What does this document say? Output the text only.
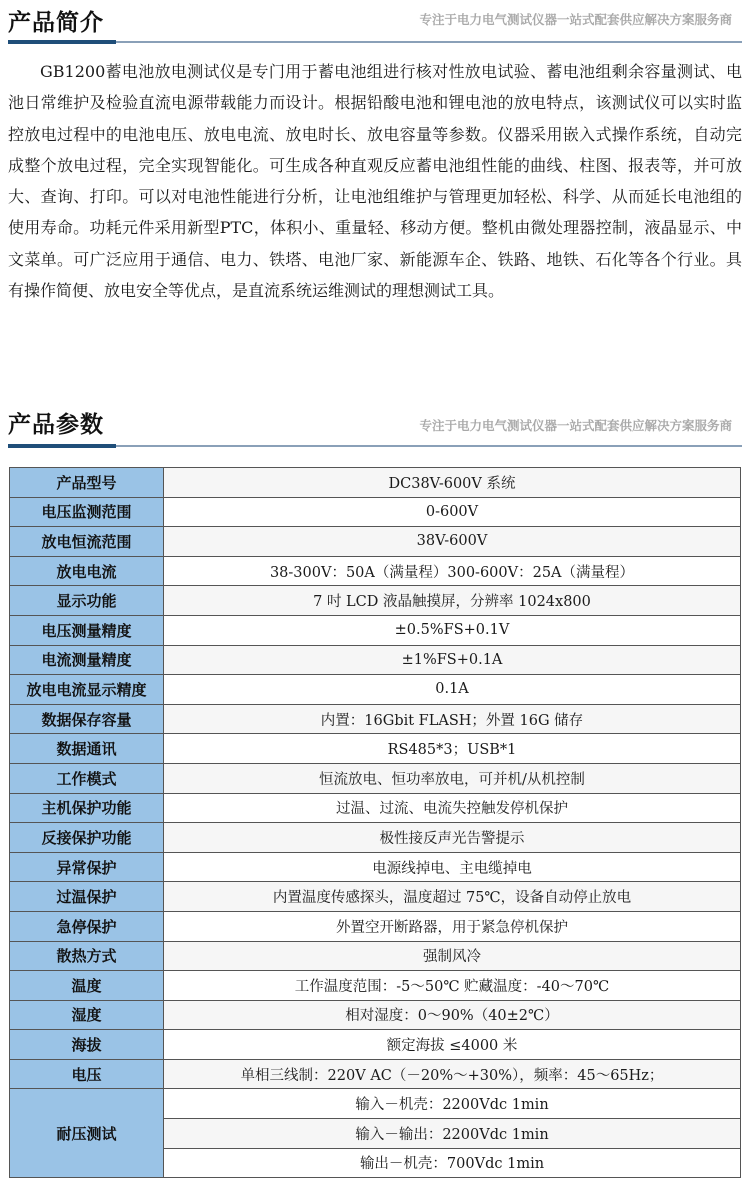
产品简介	专注于电力电气测试仪器一站式配套供应解决方案服务商

GB1200蓄电池放电测试仪是专门用于蓄电池组进行核对性放电试验、蓄电池组剩余容量测试、电池日常维护及检验直流电源带载能力而设计。根据铅酸电池和锂电池的放电特点，该测试仪可以实时监控放电过程中的电池电压、放电电流、放电时长、放电容量等参数。仪器采用嵌入式操作系统，自动完成整个放电过程，完全实现智能化。可生成各种直观反应蓄电池组性能的曲线、柱图、报表等，并可放大、查询、打印。可以对电池性能进行分析，让电池组维护与管理更加轻松、科学、从而延长电池组的使用寿命。功耗元件采用新型PTC，体积小、重量轻、移动方便。整机由微处理器控制，液晶显示、中文菜单。可广泛应用于通信、电力、铁塔、电池厂家、新能源车企、铁路、地铁、石化等各个行业。具有操作简便、放电安全等优点，是直流系统运维测试的理想测试工具。

产品参数	专注于电力电气测试仪器一站式配套供应解决方案服务商
产品型号	DC38V-600V 系统
电压监测范围	0-600V
放电恒流范围	38V-600V
放电电流	38-300V：50A（满量程）300-600V：25A（满量程）
显示功能	7 吋 LCD 液晶触摸屏，分辨率 1024x800
电压测量精度	±0.5%FS+0.1V
电流测量精度	±1%FS+0.1A
放电电流显示精度	0.1A
数据保存容量	内置：16Gbit FLASH；外置 16G 储存
数据通讯	RS485*3；USB*1
工作模式	恒流放电、恒功率放电，可并机/从机控制
主机保护功能	过温、过流、电流失控触发停机保护
反接保护功能	极性接反声光告警提示
异常保护	电源线掉电、主电缆掉电
过温保护	内置温度传感探头，温度超过 75℃，设备自动停止放电
急停保护	外置空开断路器，用于紧急停机保护
散热方式	强制风冷
温度	工作温度范围：-5～50℃ 贮藏温度：-40～70℃
湿度	相对湿度：0～90%（40±2℃）
海拔	额定海拔 ≤4000 米
电压	单相三线制：220V AC（－20%～+30%），频率：45～65Hz；
耐压测试	输入－机壳：2200Vdc 1min
	输入－输出：2200Vdc 1min
	输出－机壳：700Vdc 1min
